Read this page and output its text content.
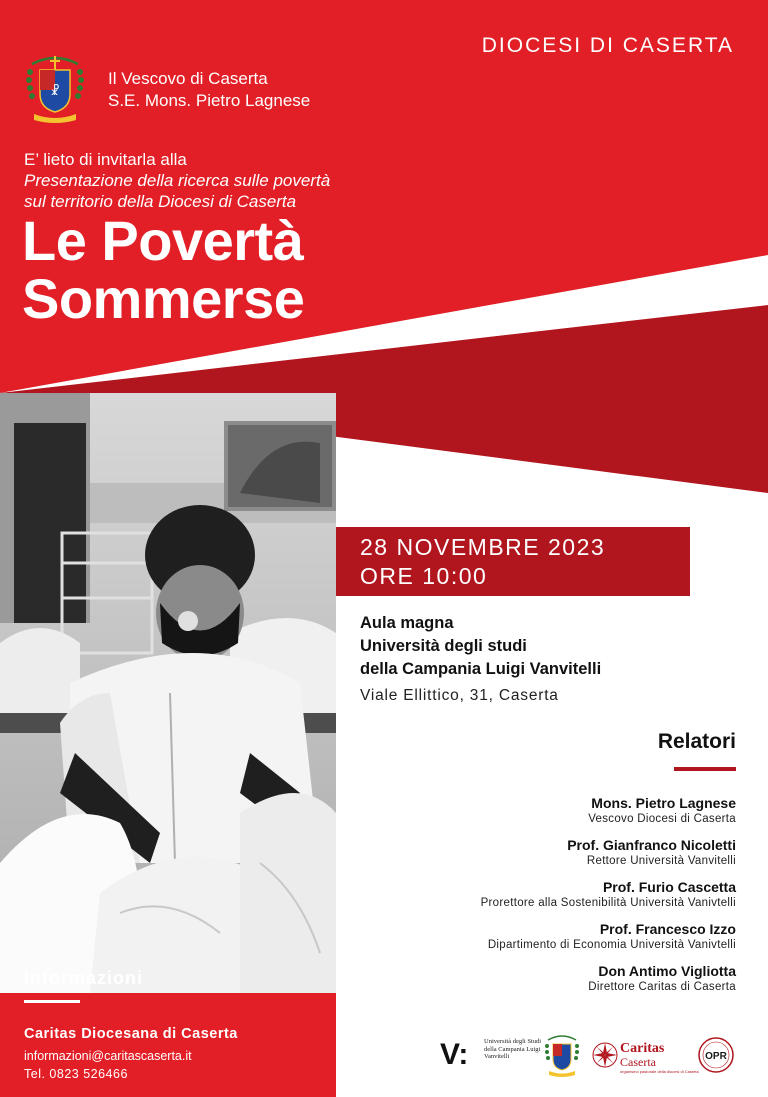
DIOCESI DI CASERTA
☧
Il Vescovo di Caserta
S.E. Mons. Pietro Lagnese
E’ lieto di invitarla alla
Presentazione della ricerca sulle povertà
sul territorio della Diocesi di Caserta
Le Povertà
Sommerse
28 NOVEMBRE 2023
ORE 10:00
Aula magna
Università degli studi
della Campania Luigi Vanvitelli
Viale Ellittico, 31, Caserta
Relatori
Mons. Pietro Lagnese
Vescovo Diocesi di Caserta
Prof. Gianfranco Nicoletti
Rettore Università Vanvitelli
Prof. Furio Cascetta
Prorettore alla Sostenibilità Università Vanivtelli
Prof. Francesco Izzo
Dipartimento di Economia Università Vanivtelli
Don Antimo Vigliotta
Direttore Caritas di Caserta
Informazioni
Caritas Diocesana di Caserta
informazioni@caritascaserta.it
Tel. 0823 526466
V: Università degli Studi della Campania Luigi Vanvitelli
Caritas
Caserta
organismo pastorale della diocesi di Caserta
OPR
